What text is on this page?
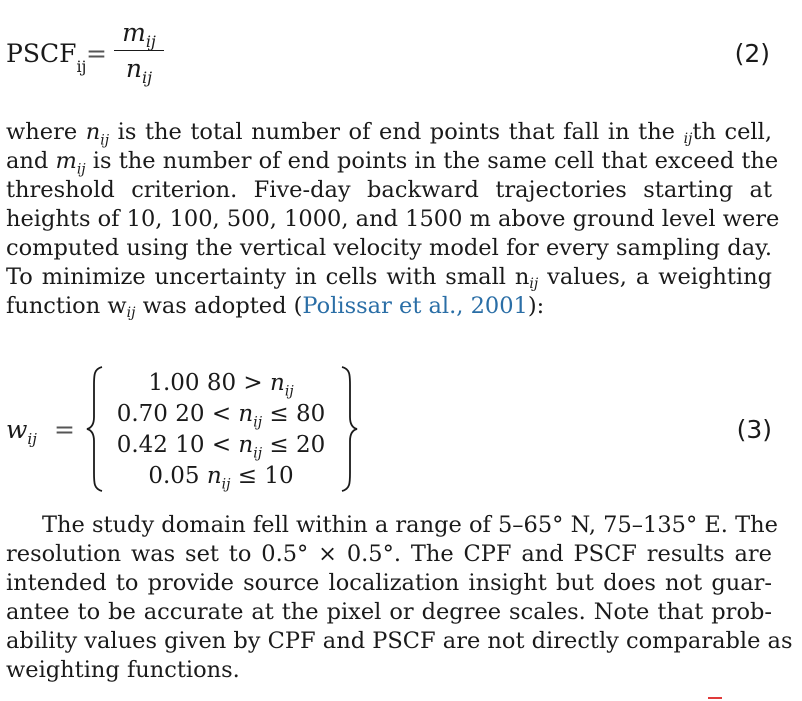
$PSCF_{ij}$ =
$m_{ij}$
$n_{ij}$
(2)
where $n_{ij}$ is the total number of end points that fall in the ijth cell,
and $m_{ij}$ is the number of end points in the same cell that exceed the
threshold criterion. Five-day backward trajectories starting at
heights of 10, 100, 500, 1000, and 1500 m above ground level were
computed using the vertical velocity model for every sampling day.
To minimize uncertainty in cells with small nij values, a weighting
function wij was adopted (Polissar et al., 2001):
$w_{ij}$ =
1.00 $80 > n_{ij}$
0.70 $20 < n_{ij} \le 80$
0.42 $10 < n_{ij} \le 20$
0.05 $n_{ij} \le 10$
(3)
The study domain fell within a range of 5–65° N, 75–135° E. The
resolution was set to 0.5° × 0.5°. The CPF and PSCF results are
intended to provide source localization insight but does not guar-
antee to be accurate at the pixel or degree scales. Note that prob-
ability values given by CPF and PSCF are not directly comparable as
weighting functions.
